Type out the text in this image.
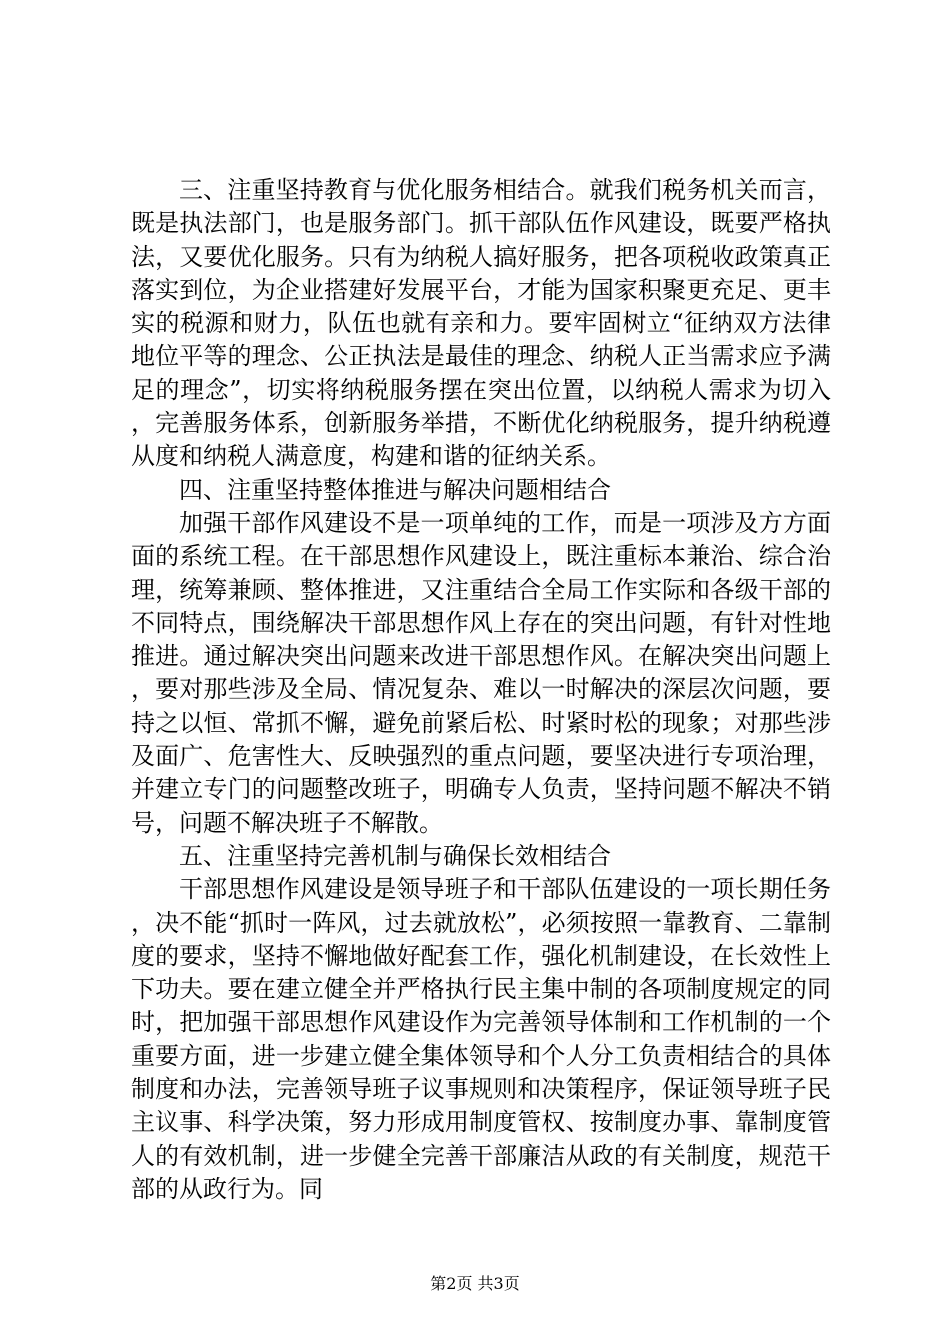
三、注重坚持教育与优化服务相结合。就我们税务机关而言，既是执法部门，也是服务部门。抓干部队伍作风建设，既要严格执法，又要优化服务。只有为纳税人搞好服务，把各项税收政策真正落实到位，为企业搭建好发展平台，才能为国家积聚更充足、更丰实的税源和财力，队伍也就有亲和力。要牢固树立“征纳双方法律地位平等的理念、公正执法是最佳的理念、纳税人正当需求应予满足的理念”，切实将纳税服务摆在突出位置，以纳税人需求为切入，完善服务体系，创新服务举措，不断优化纳税服务，提升纳税遵从度和纳税人满意度，构建和谐的征纳关系。

四、注重坚持整体推进与解决问题相结合

加强干部作风建设不是一项单纯的工作，而是一项涉及方方面面的系统工程。在干部思想作风建设上，既注重标本兼治、综合治理，统筹兼顾、整体推进，又注重结合全局工作实际和各级干部的不同特点，围绕解决干部思想作风上存在的突出问题，有针对性地推进。通过解决突出问题来改进干部思想作风。在解决突出问题上，要对那些涉及全局、情况复杂、难以一时解决的深层次问题，要持之以恒、常抓不懈，避免前紧后松、时紧时松的现象；对那些涉及面广、危害性大、反映强烈的重点问题，要坚决进行专项治理，并建立专门的问题整改班子，明确专人负责，坚持问题不解决不销号，问题不解决班子不解散。

五、注重坚持完善机制与确保长效相结合

干部思想作风建设是领导班子和干部队伍建设的一项长期任务，决不能“抓时一阵风，过去就放松”，必须按照一靠教育、二靠制度的要求，坚持不懈地做好配套工作，强化机制建设，在长效性上下功夫。要在建立健全并严格执行民主集中制的各项制度规定的同时，把加强干部思想作风建设作为完善领导体制和工作机制的一个重要方面，进一步建立健全集体领导和个人分工负责相结合的具体制度和办法，完善领导班子议事规则和决策程序，保证领导班子民主议事、科学决策，努力形成用制度管权、按制度办事、靠制度管人的有效机制，进一步健全完善干部廉洁从政的有关制度，规范干部的从政行为。同

第2页 共3页
